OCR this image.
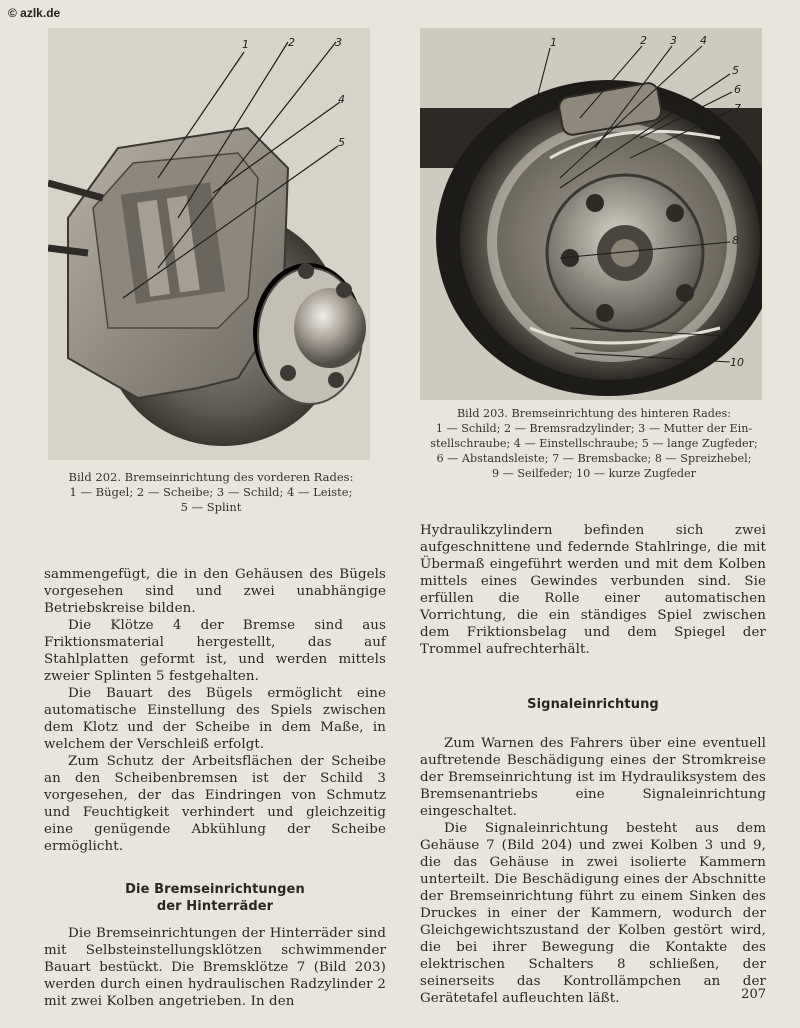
© azlk.de
1	2	3
4
5
Bild 202. Bremseinrichtung des vorderen Rades:
1 — Bügel; 2 — Scheibe; 3 — Schild; 4 — Leiste;
5 — Splint
1	2 3 4
5
6
7
8
9
10
Bild 203. Bremseinrichtung des hinteren Rades:
1 — Schild; 2 — Bremsradzylinder; 3 — Mutter der Ein-
stellschraube; 4 — Einstellschraube; 5 — lange Zugfeder;
6 — Abstandsleiste; 7 — Bremsbacke; 8 — Spreizhebel;
9 — Seilfeder; 10 — kurze Zugfeder

sammengefügt, die in den Gehäusen des Bügels vorgesehen sind und zwei unabhängige Betriebskreise bilden.

Die Klötze 4 der Bremse sind aus Friktionsmaterial hergestellt, das auf Stahlplatten geformt ist, und werden mittels zweier Splinten 5 festgehalten.

Die Bauart des Bügels ermöglicht eine automatische Einstellung des Spiels zwischen dem Klotz und der Scheibe in dem Maße, in welchem der Verschleiß erfolgt.

Zum Schutz der Arbeitsflächen der Scheibe an den Scheibenbremsen ist der Schild 3 vorgesehen, der das Eindringen von Schmutz und Feuchtigkeit verhindert und gleichzeitig eine genügende Abkühlung der Scheibe ermöglicht.

Die Bremseinrichtungen

der Hinterräder

Die Bremseinrichtungen der Hinterräder sind mit Selbsteinstellungsklötzen schwimmender Bauart bestückt. Die Bremsklötze 7 (Bild 203) werden durch einen hydraulischen Radzylinder 2 mit zwei Kolben angetrieben. In den

Hydraulikzylindern befinden sich zwei aufgeschnittene und federnde Stahlringe, die mit Übermaß eingeführt werden und mit dem Kolben mittels eines Gewindes verbunden sind. Sie erfüllen die Rolle einer automatischen Vorrichtung, die ein ständiges Spiel zwischen dem Friktionsbelag und dem Spiegel der Trommel aufrechterhält.

Signaleinrichtung

Zum Warnen des Fahrers über eine eventuell auftretende Beschädigung eines der Stromkreise der Bremseinrichtung ist im Hydrauliksystem des Bremsenantriebs eine Signaleinrichtung eingeschaltet.

Die Signaleinrichtung besteht aus dem Gehäuse 7 (Bild 204) und zwei Kolben 3 und 9, die das Gehäuse in zwei isolierte Kammern unterteilt. Die Beschädigung eines der Abschnitte der Bremseinrichtung führt zu einem Sinken des Druckes in einer der Kammern, wodurch der Gleichgewichtszustand der Kolben gestört wird, die bei ihrer Bewegung die Kontakte des elektrischen Schalters 8 schließen, der seinerseits das Kontrollämpchen an der Gerätetafel aufleuchten läßt.	207
